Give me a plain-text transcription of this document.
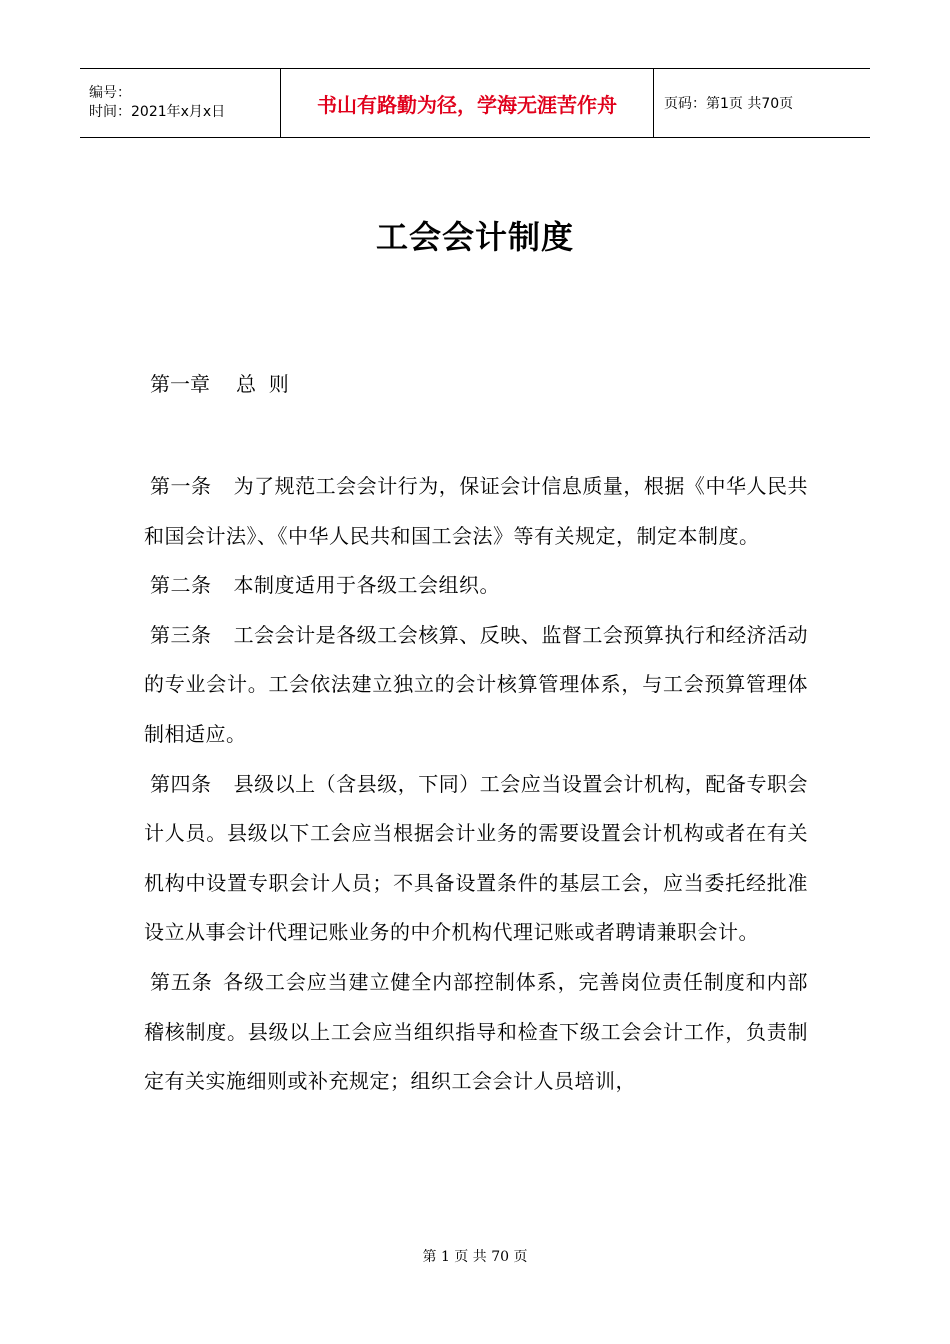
编号：
时间：2021年x月x日	书山有路勤为径，学海无涯苦作舟	页码：第1页 共70页
工会会计制度
第一章 总  则

第一条 为了规范工会会计行为，保证会计信息质量，根据《中华人民共和国会计法》、《中华人民共和国工会法》等有关规定，制定本制度。

第二条 本制度适用于各级工会组织。

第三条 工会会计是各级工会核算、反映、监督工会预算执行和经济活动的专业会计。工会依法建立独立的会计核算管理体系，与工会预算管理体制相适应。

第四条 县级以上（含县级，下同）工会应当设置会计机构，配备专职会计人员。县级以下工会应当根据会计业务的需要设置会计机构或者在有关机构中设置专职会计人员；不具备设置条件的基层工会，应当委托经批准设立从事会计代理记账业务的中介机构代理记账或者聘请兼职会计。

第五条 各级工会应当建立健全内部控制体系，完善岗位责任制度和内部稽核制度。县级以上工会应当组织指导和检查下级工会会计工作，负责制定有关实施细则或补充规定；组织工会会计人员培训，

第 1 页 共 70 页
